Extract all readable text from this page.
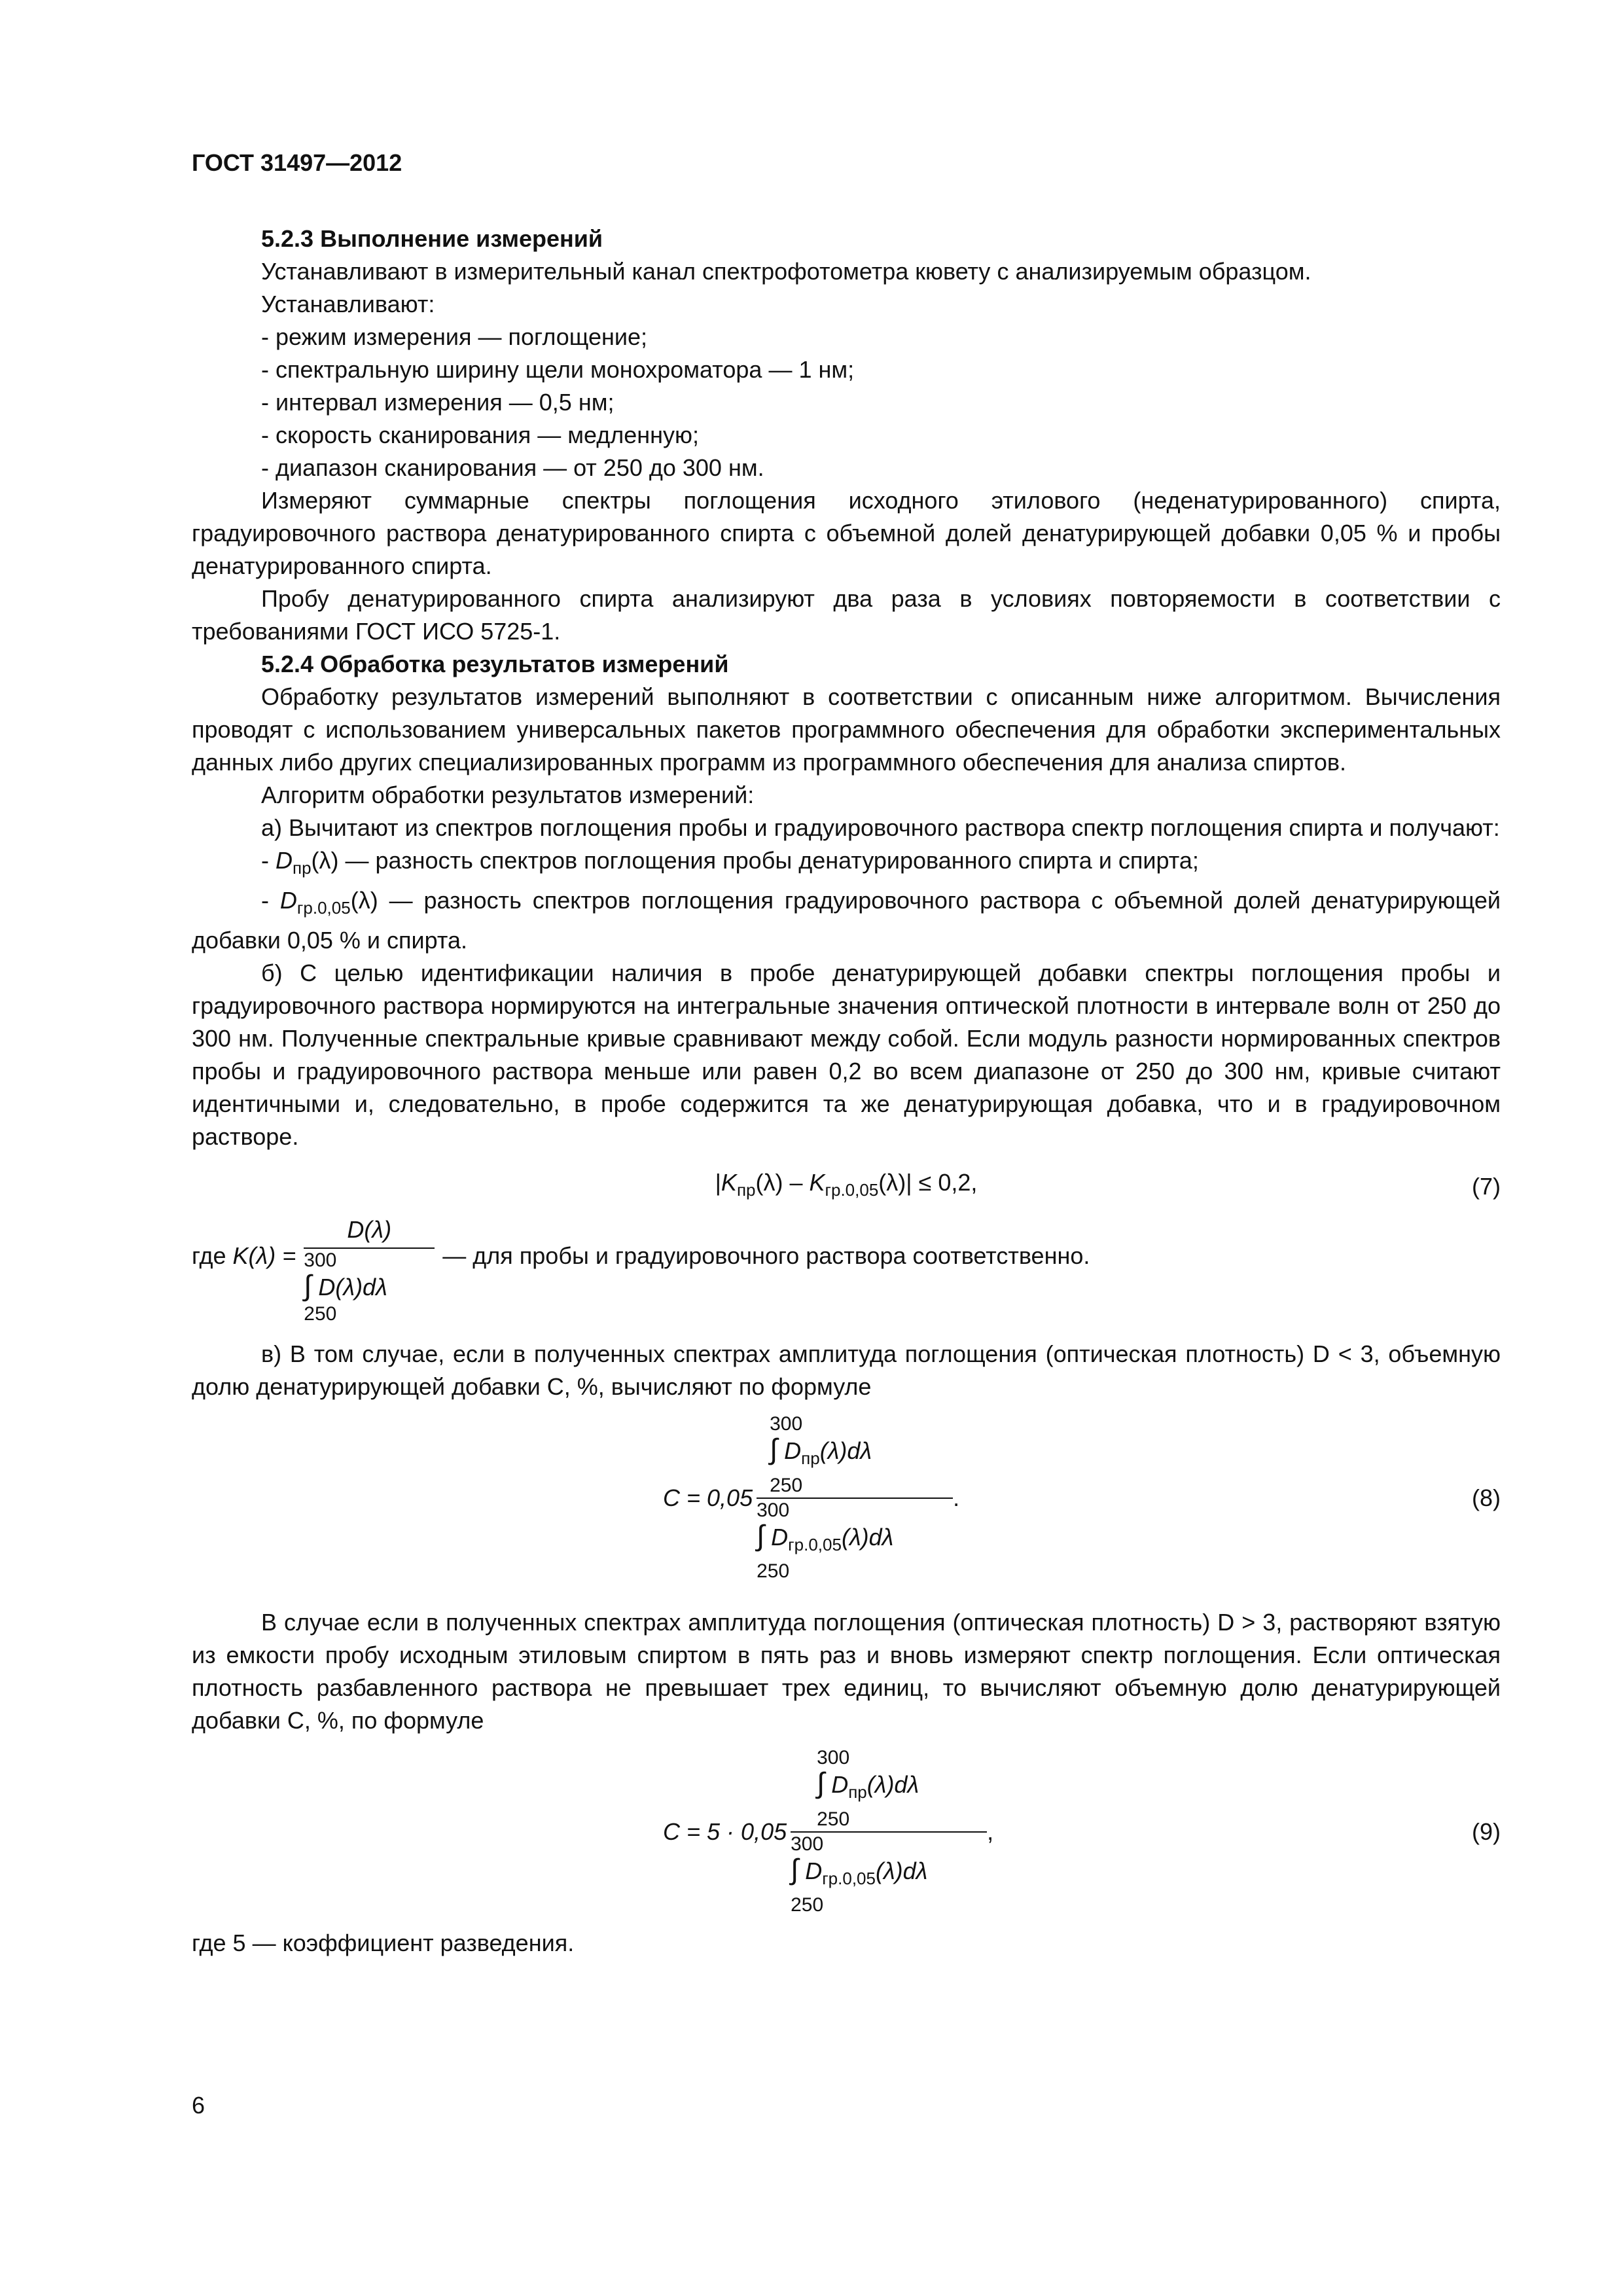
ГОСТ 31497—2012

5.2.3 Выполнение измерений

Устанавливают в измерительный канал спектрофотометра кювету с анализируемым образцом.

Устанавливают:

- режим измерения — поглощение;

- спектральную ширину щели монохроматора — 1 нм;

- интервал измерения — 0,5 нм;

- скорость сканирования — медленную;

- диапазон сканирования — от 250 до 300 нм.

Измеряют суммарные спектры поглощения исходного этилового (неденатурированного) спирта, градуировочного раствора денатурированного спирта с объемной долей денатурирующей добавки 0,05 % и пробы денатурированного спирта.

Пробу денатурированного спирта анализируют два раза в условиях повторяемости в соответствии с требованиями ГОСТ ИСО 5725-1.

5.2.4 Обработка результатов измерений

Обработку результатов измерений выполняют в соответствии с описанным ниже алгоритмом. Вычисления проводят с использованием универсальных пакетов программного обеспечения для обработки экспериментальных данных либо других специализированных программ из программного обеспечения для анализа спиртов.

Алгоритм обработки результатов измерений:

а) Вычитают из спектров поглощения пробы и градуировочного раствора спектр поглощения спирта и получают:

- $D_{пр}(\lambda)$ — разность спектров поглощения пробы денатурированного спирта и спирта;

- $D_{гр.0,05}(\lambda)$ — разность спектров поглощения градуировочного раствора с объемной долей денатурирующей добавки 0,05 % и спирта.

б) С целью идентификации наличия в пробе денатурирующей добавки спектры поглощения пробы и градуировочного раствора нормируются на интегральные значения оптической плотности в интервале волн от 250 до 300 нм. Полученные спектральные кривые сравнивают между собой. Если модуль разности нормированных спектров пробы и градуировочного раствора меньше или равен 0,2 во всем диапазоне от 250 до 300 нм, кривые считают идентичными и, следовательно, в пробе содержится та же денатурирующая добавка, что и в градуировочном растворе.

$|K_{пр}(\lambda) - K_{гр.0,05}(\lambda)| \le 0,2$,	(7)
где K(λ) =
D(λ)
300
∫ D(λ)dλ
250
— для пробы и градуировочного раствора соответственно.

в) В том случае, если в полученных спектрах амплитуда поглощения (оптическая плотность) D < 3, объемную долю денатурирующей добавки C, %, вычисляют по формуле

C = 0,05
300
∫ $D_{пр}(\lambda)d\lambda$
250
300
∫ $D_{гр.0,05}(\lambda)d\lambda$
250
.	(8)

В случае если в полученных спектрах амплитуда поглощения (оптическая плотность) D > 3, растворяют взятую из емкости пробу исходным этиловым спиртом в пять раз и вновь измеряют спектр поглощения. Если оптическая плотность разбавленного раствора не превышает трех единиц, то вычисляют объемную долю денатурирующей добавки C, %, по формуле

C = 5 · 0,05
300
∫ $D_{пр}(\lambda)d\lambda$
250
300
∫ $D_{гр.0,05}(\lambda)d\lambda$
250
,	(9)

где 5 — коэффициент разведения.

6
